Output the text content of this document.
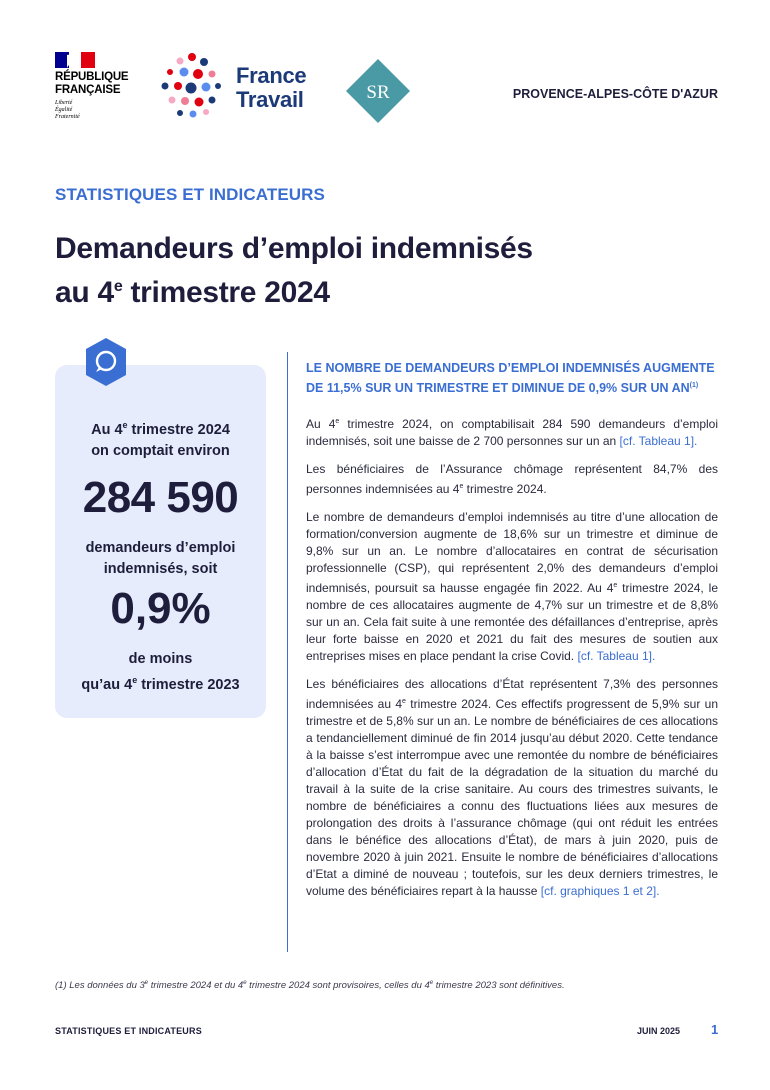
RÉPUBLIQUE
FRANÇAISE
Liberté
Égalité
Fraternité
France
Travail	SR	PROVENCE-ALPES-CÔTE D'AZUR
STATISTIQUES ET INDICATEURS
Demandeurs d’emploi indemnisés
au 4e trimestre 2024
Au 4e trimestre 2024
on comptait environ
284 590
demandeurs d’emploi
indemnisés, soit
0,9%
de moins
qu’au 4e trimestre 2023

LE NOMBRE DE DEMANDEURS D’EMPLOI INDEMNISÉS AUGMENTE DE 11,5% SUR UN TRIMESTRE ET DIMINUE DE 0,9% SUR UN AN$^{(1)}$

Au 4e trimestre 2024, on comptabilisait 284 590 demandeurs d’emploi indemnisés, soit une baisse de 2 700 personnes sur un an [cf. Tableau 1].

Les bénéficiaires de l’Assurance chômage représentent 84,7% des personnes indemnisées au 4e trimestre 2024.

Le nombre de demandeurs d’emploi indemnisés au titre d’une allocation de formation/conversion augmente de 18,6% sur un trimestre et diminue de 9,8% sur un an. Le nombre d’allocataires en contrat de sécurisation professionnelle (CSP), qui représentent 2,0% des demandeurs d’emploi indemnisés, poursuit sa hausse engagée fin 2022. Au 4e trimestre 2024, le nombre de ces allocataires augmente de 4,7% sur un trimestre et de 8,8% sur un an. Cela fait suite à une remontée des défaillances d’entreprise, après leur forte baisse en 2020 et 2021 du fait des mesures de soutien aux entreprises mises en place pendant la crise Covid. [cf. Tableau 1].

Les bénéficiaires des allocations d’État représentent 7,3% des personnes indemnisées au 4e trimestre 2024. Ces effectifs progressent de 5,9% sur un trimestre et de 5,8% sur un an. Le nombre de bénéficiaires de ces allocations a tendanciellement diminué de fin 2014 jusqu’au début 2020. Cette tendance à la baisse s’est interrompue avec une remontée du nombre de bénéficiaires d’allocation d’État du fait de la dégradation de la situation du marché du travail à la suite de la crise sanitaire. Au cours des trimestres suivants, le nombre de bénéficiaires a connu des fluctuations liées aux mesures de prolongation des droits à l’assurance chômage (qui ont réduit les entrées dans le bénéfice des allocations d’État), de mars à juin 2020, puis de novembre 2020 à juin 2021. Ensuite le nombre de bénéficiaires d’allocations d’Etat a diminé de nouveau ; toutefois, sur les deux derniers trimestres, le volume des bénéficiaires repart à la hausse [cf. graphiques 1 et 2].

(1) Les données du 3e trimestre 2024 et du 4e trimestre 2024 sont provisoires, celles du 4e trimestre 2023 sont définitives.
STATISTIQUES ET INDICATEURS	JUIN 2025 1
